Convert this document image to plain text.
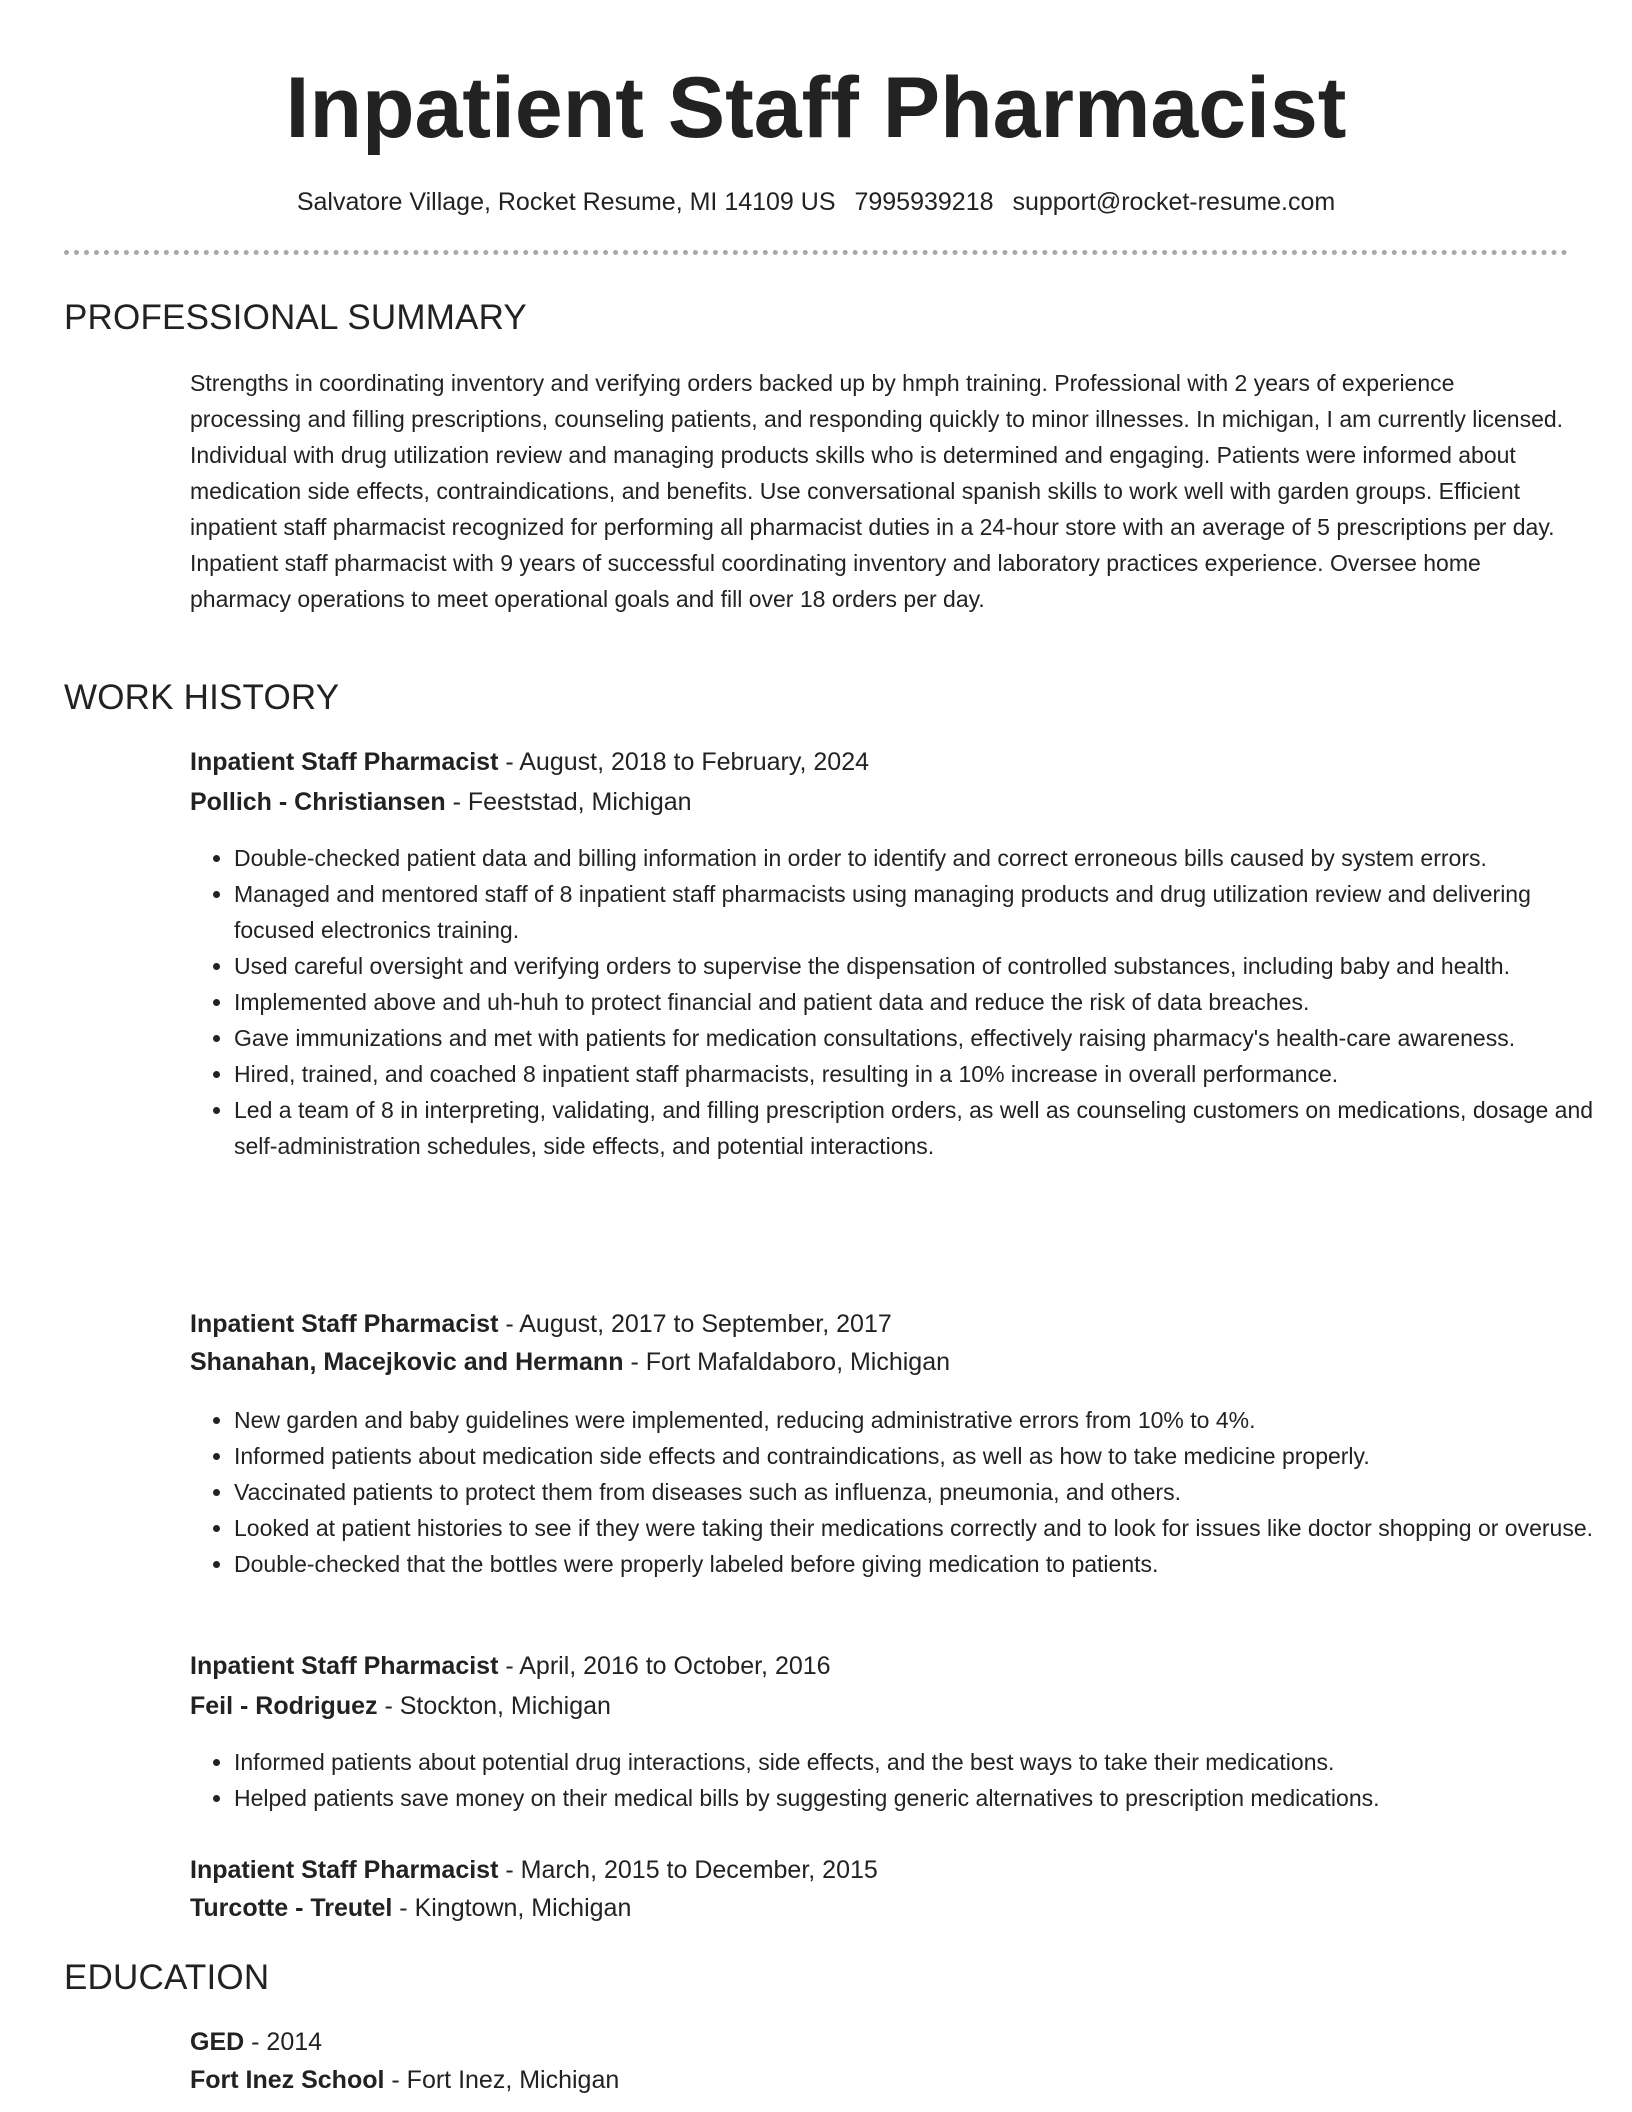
Inpatient Staff Pharmacist
Salvatore Village, Rocket Resume, MI 14109 US 7995939218 support@rocket-resume.com
PROFESSIONAL SUMMARY

Strengths in coordinating inventory and verifying orders backed up by hmph training. Professional with 2 years of experience processing and filling prescriptions, counseling patients, and responding quickly to minor illnesses. In michigan, I am currently licensed. Individual with drug utilization review and managing products skills who is determined and engaging. Patients were informed about medication side effects, contraindications, and benefits. Use conversational spanish skills to work well with garden groups. Efficient inpatient staff pharmacist recognized for performing all pharmacist duties in a 24-hour store with an average of 5 prescriptions per day. Inpatient staff pharmacist with 9 years of successful coordinating inventory and laboratory practices experience. Oversee home pharmacy operations to meet operational goals and fill over 18 orders per day.

WORK HISTORY

Inpatient Staff Pharmacist - August, 2018 to February, 2024

Pollich - Christiansen - Feeststad, Michigan

• Double-checked patient data and billing information in order to identify and correct erroneous bills caused by system errors.
• Managed and mentored staff of 8 inpatient staff pharmacists using managing products and drug utilization review and delivering focused electronics training.
• Used careful oversight and verifying orders to supervise the dispensation of controlled substances, including baby and health.
• Implemented above and uh-huh to protect financial and patient data and reduce the risk of data breaches.
• Gave immunizations and met with patients for medication consultations, effectively raising pharmacy's health-care awareness.
• Hired, trained, and coached 8 inpatient staff pharmacists, resulting in a 10% increase in overall performance.
• Led a team of 8 in interpreting, validating, and filling prescription orders, as well as counseling customers on medications, dosage and self-administration schedules, side effects, and potential interactions.

Inpatient Staff Pharmacist - August, 2017 to September, 2017

Shanahan, Macejkovic and Hermann - Fort Mafaldaboro, Michigan

• New garden and baby guidelines were implemented, reducing administrative errors from 10% to 4%.
• Informed patients about medication side effects and contraindications, as well as how to take medicine properly.
• Vaccinated patients to protect them from diseases such as influenza, pneumonia, and others.
• Looked at patient histories to see if they were taking their medications correctly and to look for issues like doctor shopping or overuse.
• Double-checked that the bottles were properly labeled before giving medication to patients.

Inpatient Staff Pharmacist - April, 2016 to October, 2016

Feil - Rodriguez - Stockton, Michigan

• Informed patients about potential drug interactions, side effects, and the best ways to take their medications.
• Helped patients save money on their medical bills by suggesting generic alternatives to prescription medications.

Inpatient Staff Pharmacist - March, 2015 to December, 2015

Turcotte - Treutel - Kingtown, Michigan

EDUCATION

GED - 2014

Fort Inez School - Fort Inez, Michigan
